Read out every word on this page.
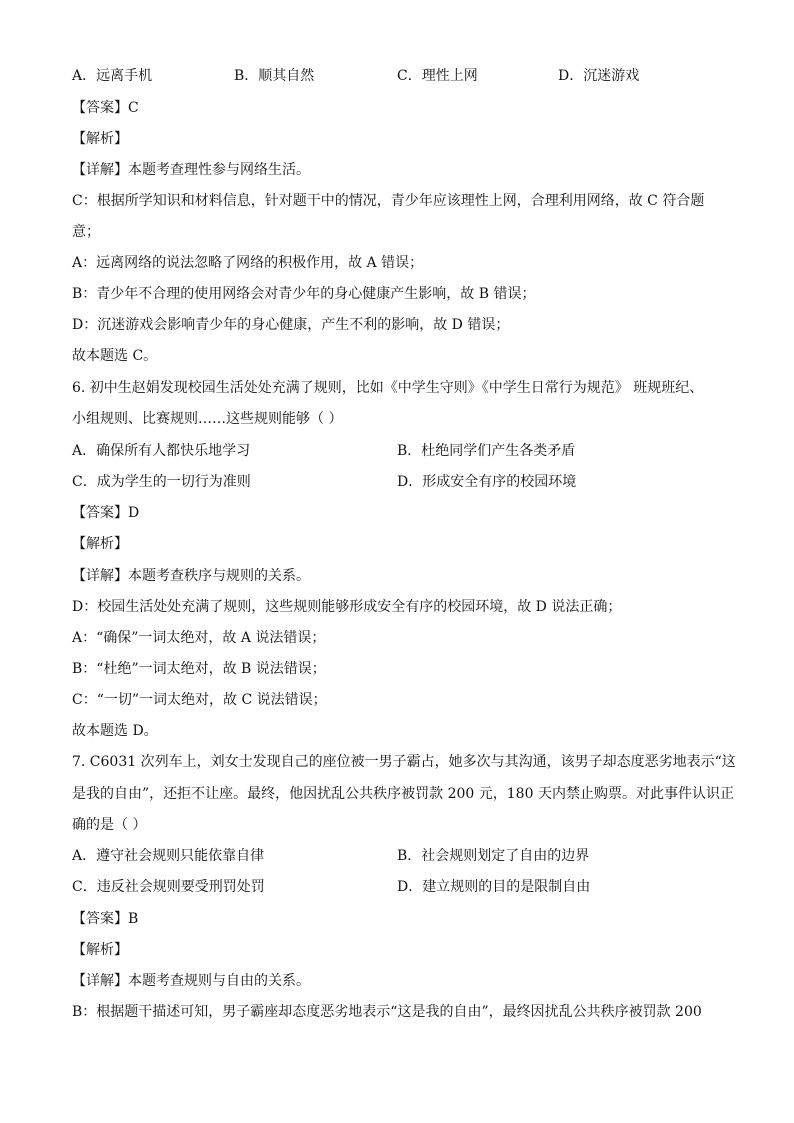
A．远离手机	B．顺其自然	C．理性上网	D．沉迷游戏
【答案】C
【解析】
【详解】本题考查理性参与网络生活。
C：根据所学知识和材料信息，针对题干中的情况，青少年应该理性上网，合理利用网络，故 C 符合题
意；
A：远离网络的说法忽略了网络的积极作用，故 A 错误；
B：青少年不合理的使用网络会对青少年的身心健康产生影响，故 B 错误；
D：沉迷游戏会影响青少年的身心健康，产生不利的影响，故 D 错误；
故本题选 C。
6. 初中生赵娟发现校园生活处处充满了规则，比如《中学生守则》《中学生日常行为规范》 班规班纪、
小组规则、比赛规则……这些规则能够（ ）
A．确保所有人都快乐地学习	B．杜绝同学们产生各类矛盾
C．成为学生的一切行为准则	D．形成安全有序的校园环境
【答案】D
【解析】
【详解】本题考查秩序与规则的关系。
D：校园生活处处充满了规则，这些规则能够形成安全有序的校园环境，故 D 说法正确；
A：“确保”一词太绝对，故 A 说法错误；
B：“杜绝”一词太绝对，故 B 说法错误；
C：“一切”一词太绝对，故 C 说法错误；
故本题选 D。
7. C6031 次列车上，刘女士发现自己的座位被一男子霸占，她多次与其沟通，该男子却态度恶劣地表示“这
是我的自由”，还拒不让座。最终，他因扰乱公共秩序被罚款 200 元，180 天内禁止购票。对此事件认识正
确的是（ ）
A．遵守社会规则只能依靠自律	B．社会规则划定了自由的边界
C．违反社会规则要受刑罚处罚	D．建立规则的目的是限制自由
【答案】B
【解析】
【详解】本题考查规则与自由的关系。
B：根据题干描述可知，男子霸座却态度恶劣地表示“这是我的自由”，最终因扰乱公共秩序被罚款 200
